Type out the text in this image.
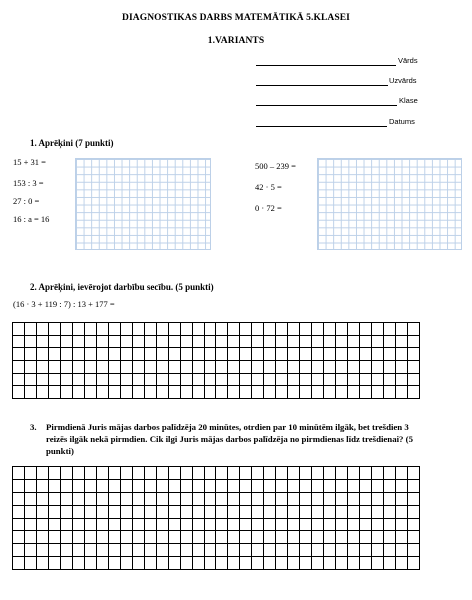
DIAGNOSTIKAS DARBS MATEMĀTIKĀ 5.KLASEI
1.VARIANTS
Vārds
Uzvārds
Klase
Datums
1. Aprēķini (7 punkti)
15 + 31 =
153 : 3 =
27 : 0 =
16 : a = 16
500 – 239 =
42 · 5 =
0 · 72 =
2. Aprēķini, ievērojot darbību secību. (5 punkti)
(16 · 3 + 119 : 7) : 13 + 177 =

3. Pirmdienā Juris mājas darbos palīdzēja 20 minūtes, otrdien par 10 minūtēm ilgāk, bet trešdien 3 reizēs ilgāk nekā pirmdien. Cik ilgi Juris mājas darbos palīdzēja no pirmdienas līdz trešdienai? (5 punkti)
